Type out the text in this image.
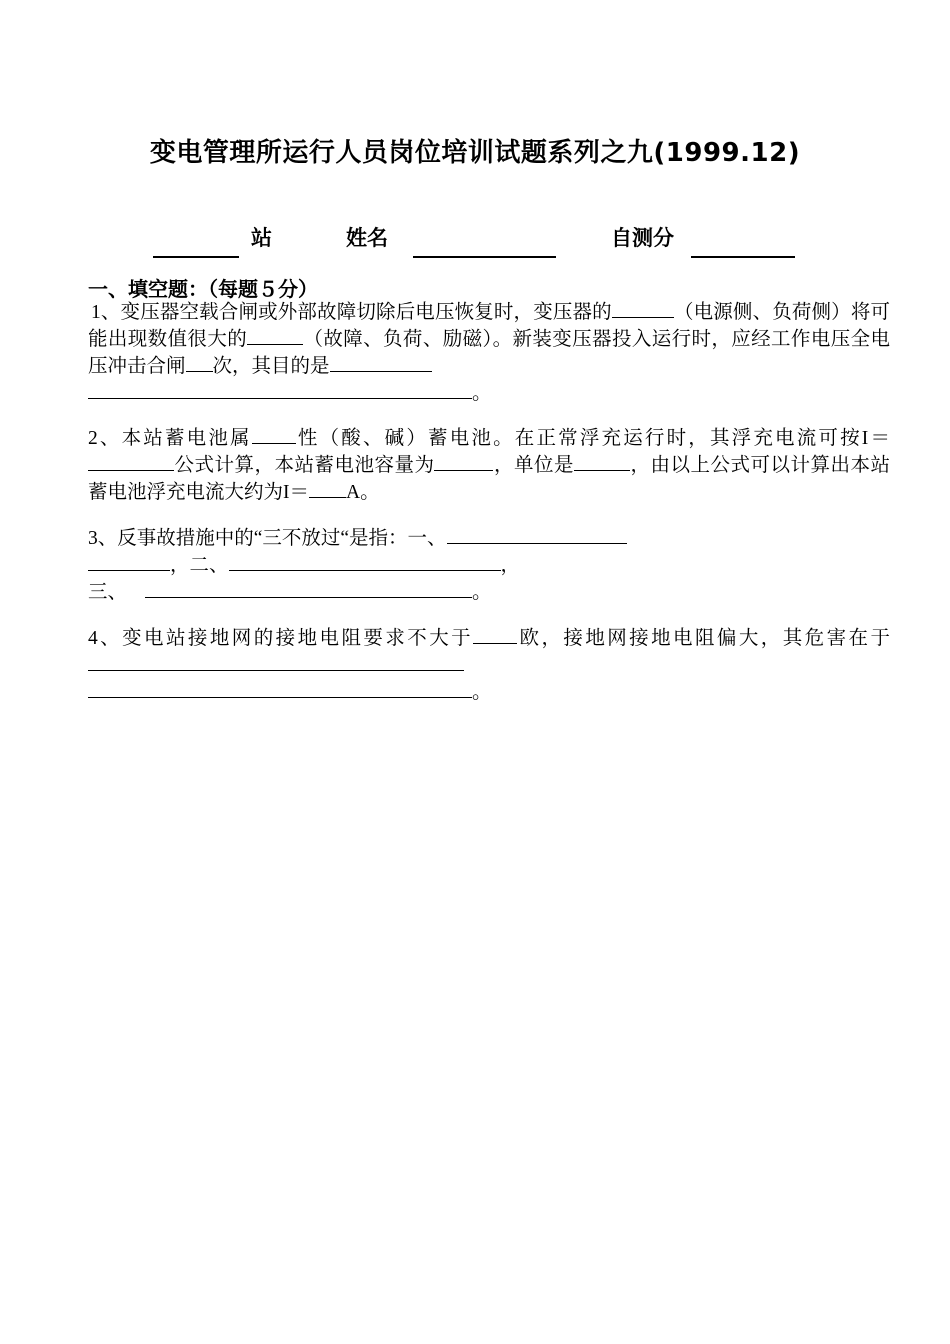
变电管理所运行人员岗位培训试题系列之九(1999.12)
站	姓名	自测分
一、填空题：（每题５分）
1、变压器空载合闸或外部故障切除后电压恢复时，变压器的	（电源侧、负荷侧）将可能出现数值很大的	（故障、负荷、励磁）。新装变压器投入运行时，应经工作电压全电压冲击合闸 次，其目的是
。
2、本站蓄电池属 性（酸、碱）蓄电池。在正常浮充运行时，其浮充电流可按I＝公式计算，本站蓄电池容量为	，单位是	，由以上公式可以计算出本站蓄电池浮充电流大约为I＝ A。
3、反事故措施中的“三不放过“是指：一、
，二、	，
三、	。
4、变电站接地网的接地电阻要求不大于 欧，接地网接地电阻偏大，其危害在于
。
